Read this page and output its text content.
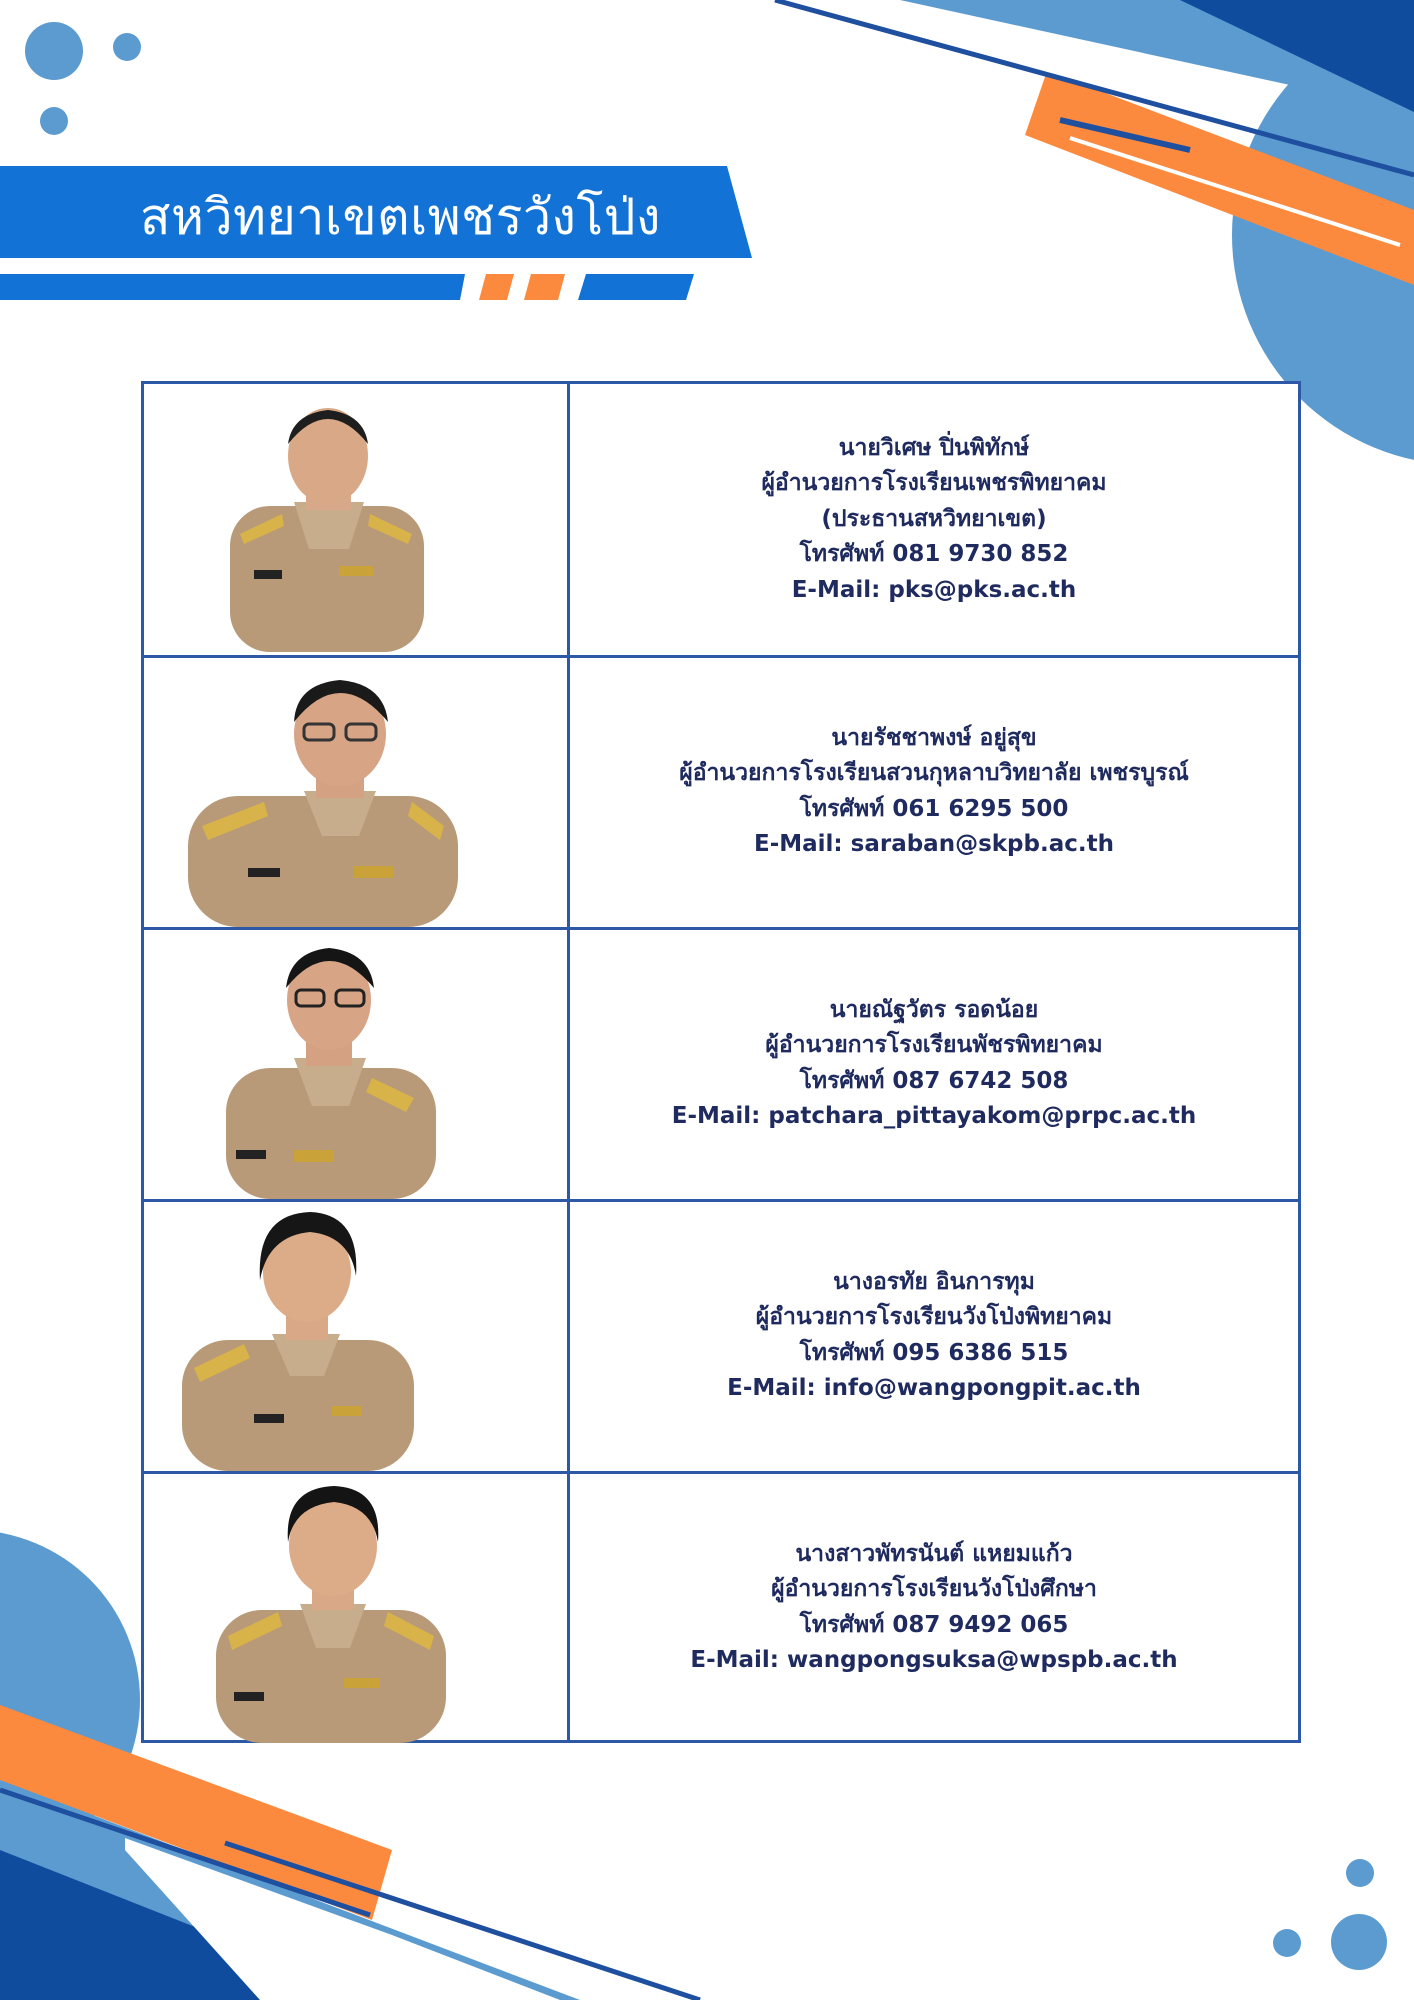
สหวิทยาเขตเพชรวังโป่ง
นายวิเศษ ปิ่นพิทักษ์
ผู้อำนวยการโรงเรียนเพชรพิทยาคม
(ประธานสหวิทยาเขต)
โทรศัพท์ 081 9730 852
E-Mail: pks@pks.ac.th
นายรัชชาพงษ์ อยู่สุข
ผู้อำนวยการโรงเรียนสวนกุหลาบวิทยาลัย เพชรบูรณ์
โทรศัพท์ 061 6295 500
E-Mail: saraban@skpb.ac.th
นายณัฐวัตร รอดน้อย
ผู้อำนวยการโรงเรียนพัชรพิทยาคม
โทรศัพท์ 087 6742 508
E-Mail: patchara_pittayakom@prpc.ac.th
นางอรทัย อินการทุม
ผู้อำนวยการโรงเรียนวังโป่งพิทยาคม
โทรศัพท์ 095 6386 515
E-Mail: info@wangpongpit.ac.th
นางสาวพัทรนันต์ แหยมแก้ว
ผู้อำนวยการโรงเรียนวังโป่งศึกษา
โทรศัพท์ 087 9492 065
E-Mail: wangpongsuksa@wpspb.ac.th
